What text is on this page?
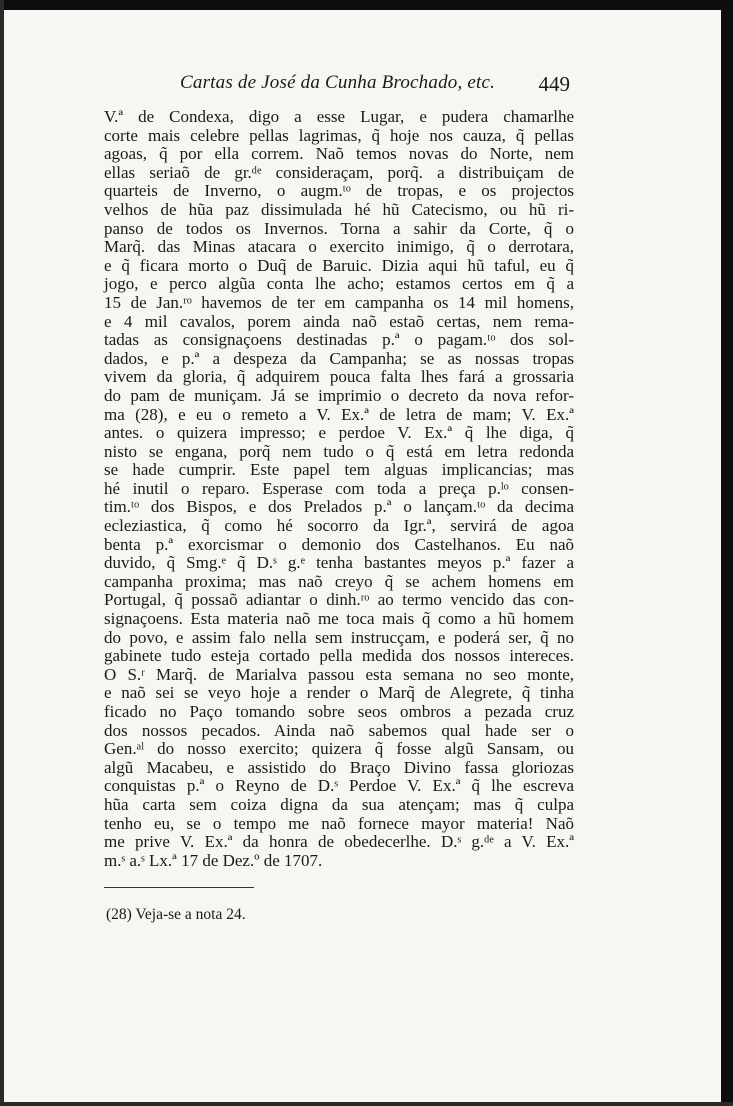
Cartas de José da Cunha Brochado, etc. 449
V.ª de Condexa, digo a esse Lugar, e pudera chamarlhe
corte mais celebre pellas lagrimas, q̃ hoje nos cauza, q̃ pellas
agoas, q̃ por ella correm. Naõ temos novas do Norte, nem
ellas seriaõ de gr.ᵈᵉ consideraçam, porq̃. a distribuiçam de
quarteis de Inverno, o augm.ᵗᵒ de tropas, e os projectos
velhos de hũa paz dissimulada hé hũ Catecismo, ou hũ ri-
panso de todos os Invernos. Torna a sahir da Corte, q̃ o
Marq̃. das Minas atacara o exercito inimigo, q̃ o derrotara,
e q̃ ficara morto o Duq̃ de Baruic. Dizia aqui hũ taful, eu q̃
jogo, e perco algũa conta lhe acho; estamos certos em q̃ a
15 de Jan.ʳᵒ havemos de ter em campanha os 14 mil homens,
e 4 mil cavalos, porem ainda naõ estaõ certas, nem rema-
tadas as consignaçoens destinadas p.ª o pagam.ᵗᵒ dos sol-
dados, e p.ª a despeza da Campanha; se as nossas tropas
vivem da gloria, q̃ adquirem pouca falta lhes fará a grossaria
do pam de muniçam. Já se imprimio o decreto da nova refor-
ma (28), e eu o remeto a V. Ex.ª de letra de mam; V. Ex.ª
antes. o quizera impresso; e perdoe V. Ex.ª q̃ lhe diga, q̃
nisto se engana, porq̃ nem tudo o q̃ está em letra redonda
se hade cumprir. Este papel tem alguas implicancias; mas
hé inutil o reparo. Esperase com toda a preça p.ˡᵒ consen-
tim.ᵗᵒ dos Bispos, e dos Prelados p.ª o lançam.ᵗᵒ da decima
ecleziastica, q̃ como hé socorro da Igr.ª, servirá de agoa
benta p.ª exorcismar o demonio dos Castelhanos. Eu naõ
duvido, q̃ Smg.ᵉ q̃ D.ˢ g.ᵉ tenha bastantes meyos p.ª fazer a
campanha proxima; mas naõ creyo q̃ se achem homens em
Portugal, q̃ possaõ adiantar o dinh.ʳᵒ ao termo vencido das con-
signaçoens. Esta materia naõ me toca mais q̃ como a hũ homem
do povo, e assim falo nella sem instrucçam, e poderá ser, q̃ no
gabinete tudo esteja cortado pella medida dos nossos intereces.
O S.ʳ Marq̃. de Marialva passou esta semana no seo monte,
e naõ sei se veyo hoje a render o Marq̃ de Alegrete, q̃ tinha
ficado no Paço tomando sobre seos ombros a pezada cruz
dos nossos pecados. Ainda naõ sabemos qual hade ser o
Gen.ᵃˡ do nosso exercito; quizera q̃ fosse algũ Sansam, ou
algũ Macabeu, e assistido do Braço Divino fassa gloriozas
conquistas p.ª o Reyno de D.ˢ Perdoe V. Ex.ª q̃ lhe escreva
hũa carta sem coiza digna da sua atençam; mas q̃ culpa
tenho eu, se o tempo me naõ fornece mayor materia! Naõ
me prive V. Ex.ª da honra de obedecerlhe. D.ˢ g.ᵈᵉ a V. Ex.ª
m.ˢ a.ˢ Lx.ª 17 de Dez.º de 1707.
(28) Veja-se a nota 24.
